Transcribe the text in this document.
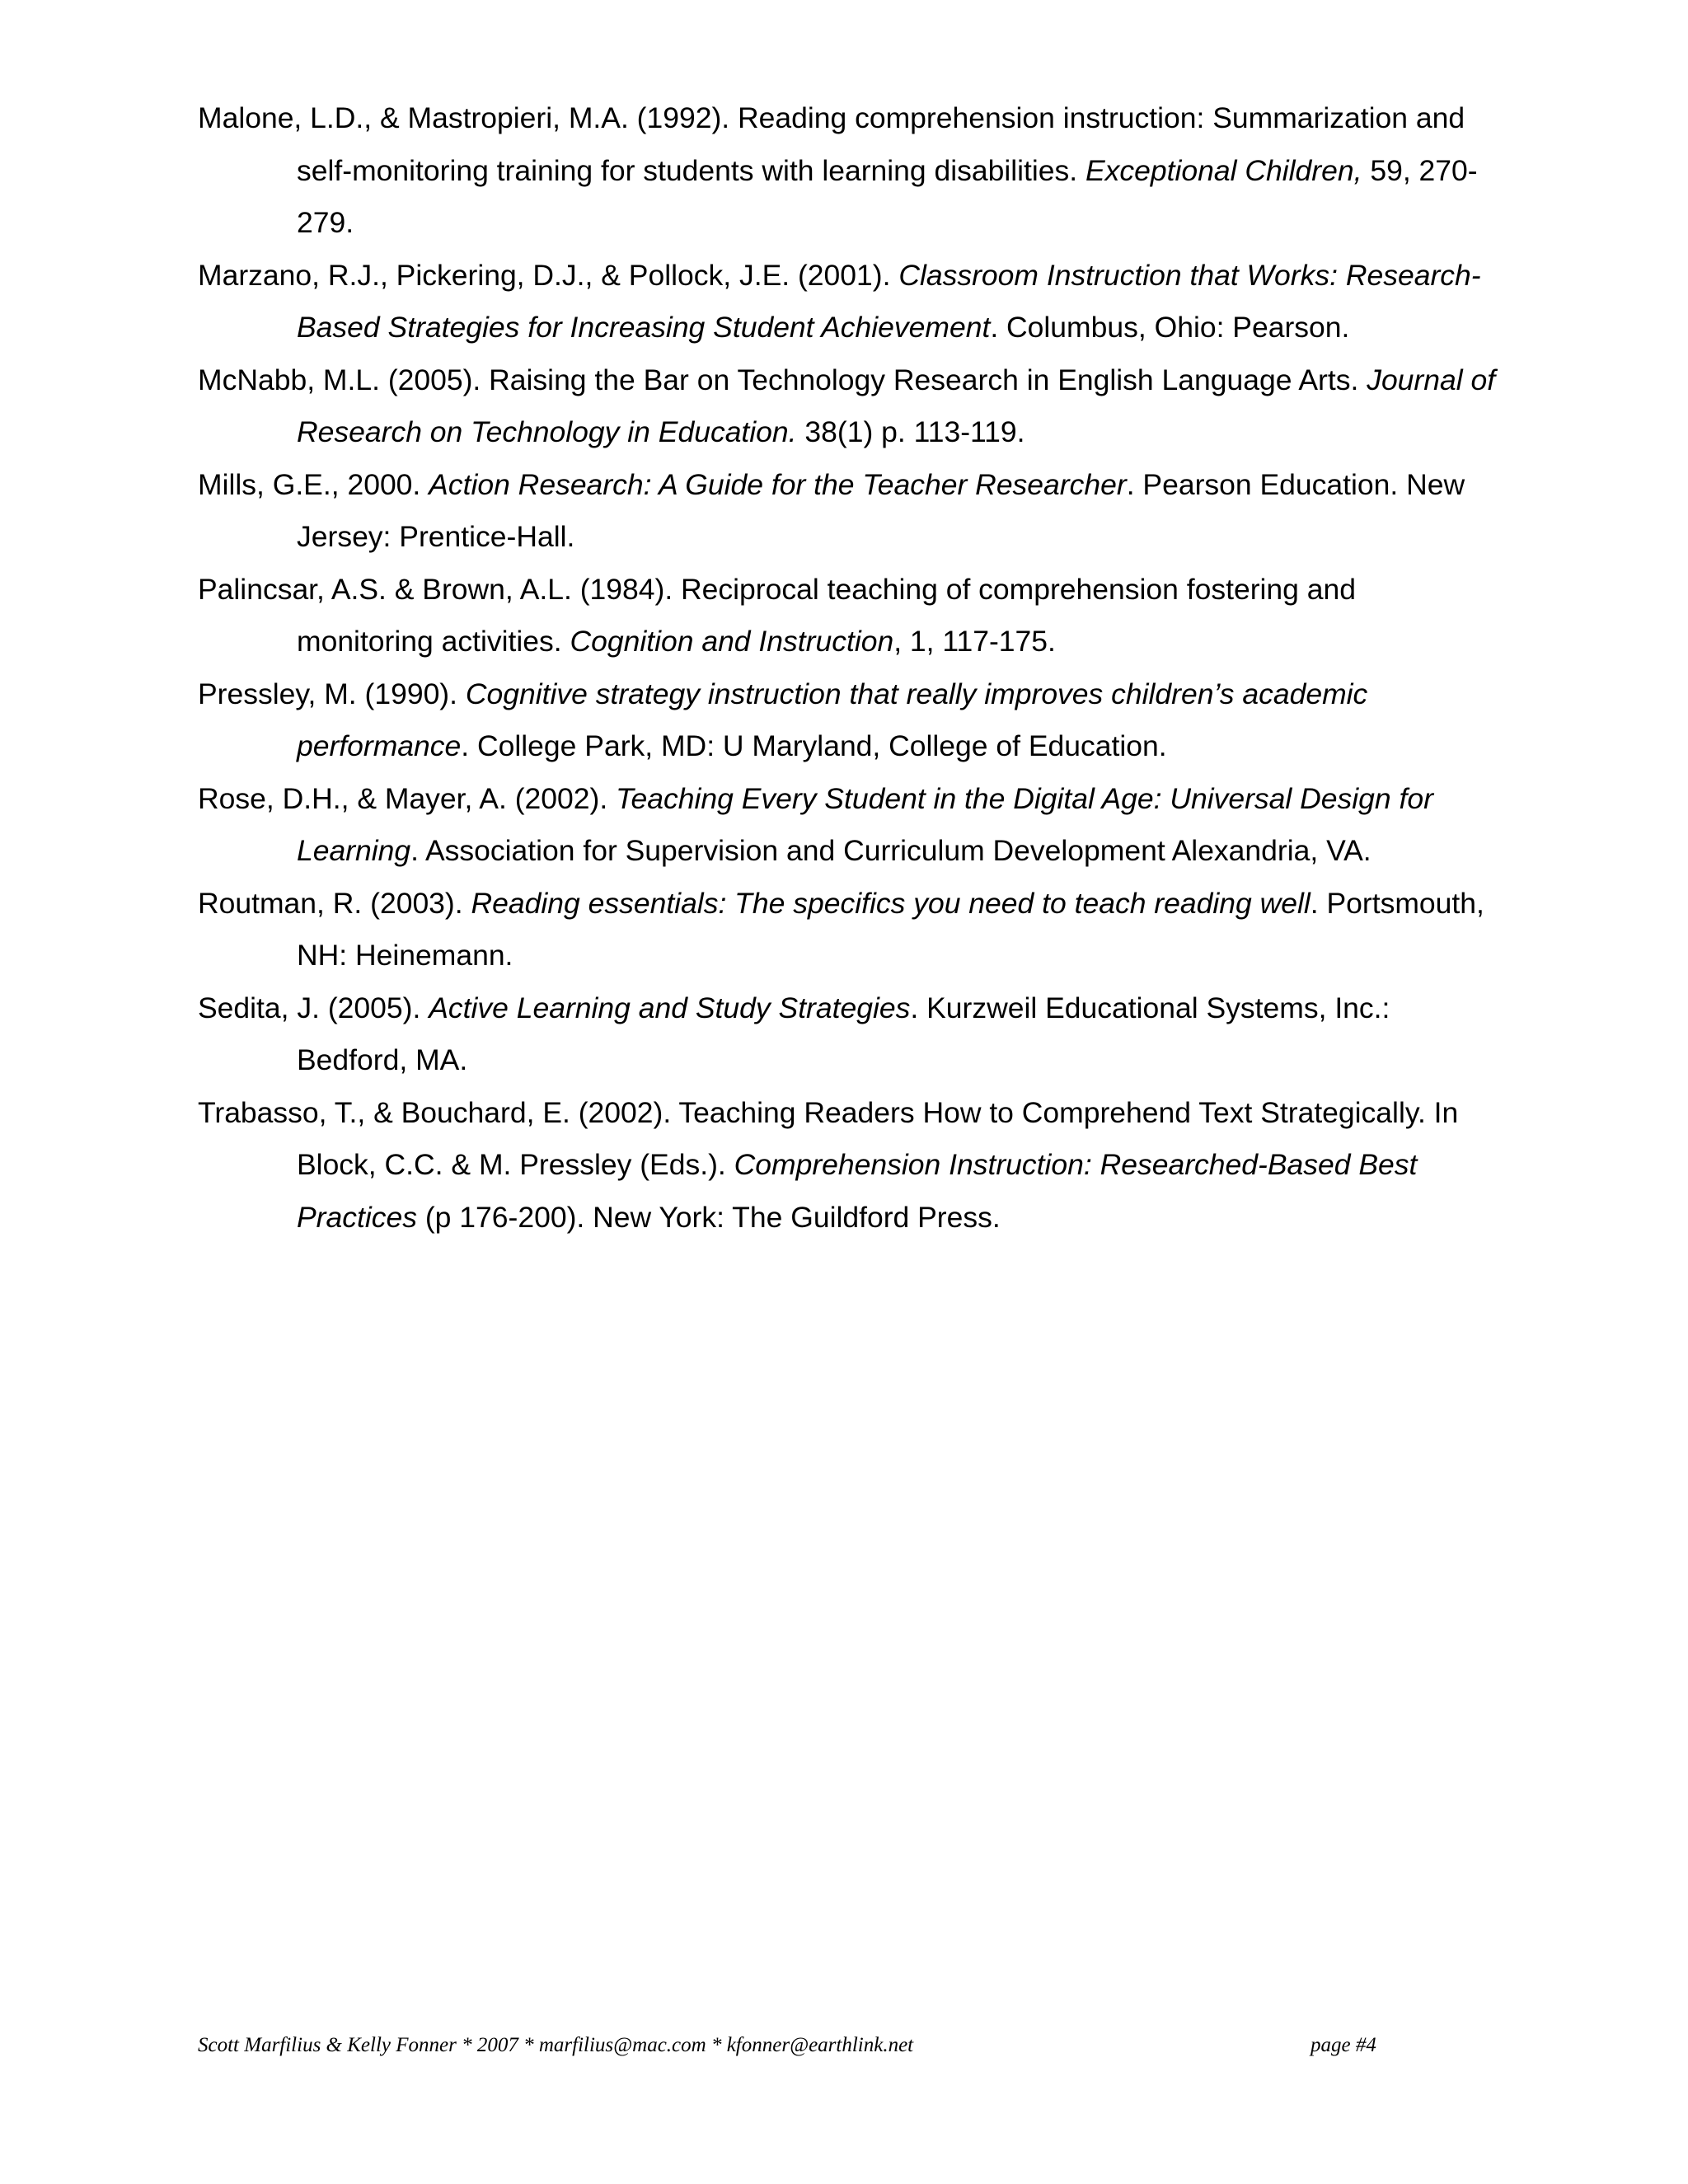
Malone, L.D., & Mastropieri, M.A. (1992). Reading comprehension instruction: Summarization and self-monitoring training for students with learning disabilities. Exceptional Children, 59, 270-279.

Marzano, R.J., Pickering, D.J., & Pollock, J.E. (2001). Classroom Instruction that Works: Research-Based Strategies for Increasing Student Achievement. Columbus, Ohio: Pearson.

McNabb, M.L. (2005). Raising the Bar on Technology Research in English Language Arts. Journal of Research on Technology in Education. 38(1) p. 113-119.

Mills, G.E., 2000. Action Research: A Guide for the Teacher Researcher. Pearson Education. New Jersey: Prentice-Hall.

Palincsar, A.S. & Brown, A.L. (1984). Reciprocal teaching of comprehension fostering and monitoring activities. Cognition and Instruction, 1, 117-175.

Pressley, M. (1990). Cognitive strategy instruction that really improves children’s academic performance. College Park, MD: U Maryland, College of Education.

Rose, D.H., & Mayer, A. (2002). Teaching Every Student in the Digital Age: Universal Design for Learning. Association for Supervision and Curriculum Development Alexandria, VA.

Routman, R. (2003). Reading essentials: The specifics you need to teach reading well. Portsmouth, NH: Heinemann.

Sedita, J. (2005). Active Learning and Study Strategies. Kurzweil Educational Systems, Inc.: Bedford, MA.

Trabasso, T., & Bouchard, E. (2002). Teaching Readers How to Comprehend Text Strategically. In Block, C.C. & M. Pressley (Eds.). Comprehension Instruction: Researched-Based Best Practices (p 176-200). New York: The Guildford Press.

Scott Marfilius & Kelly Fonner * 2007 * marfilius@mac.com * kfonner@earthlink.net	page #4
